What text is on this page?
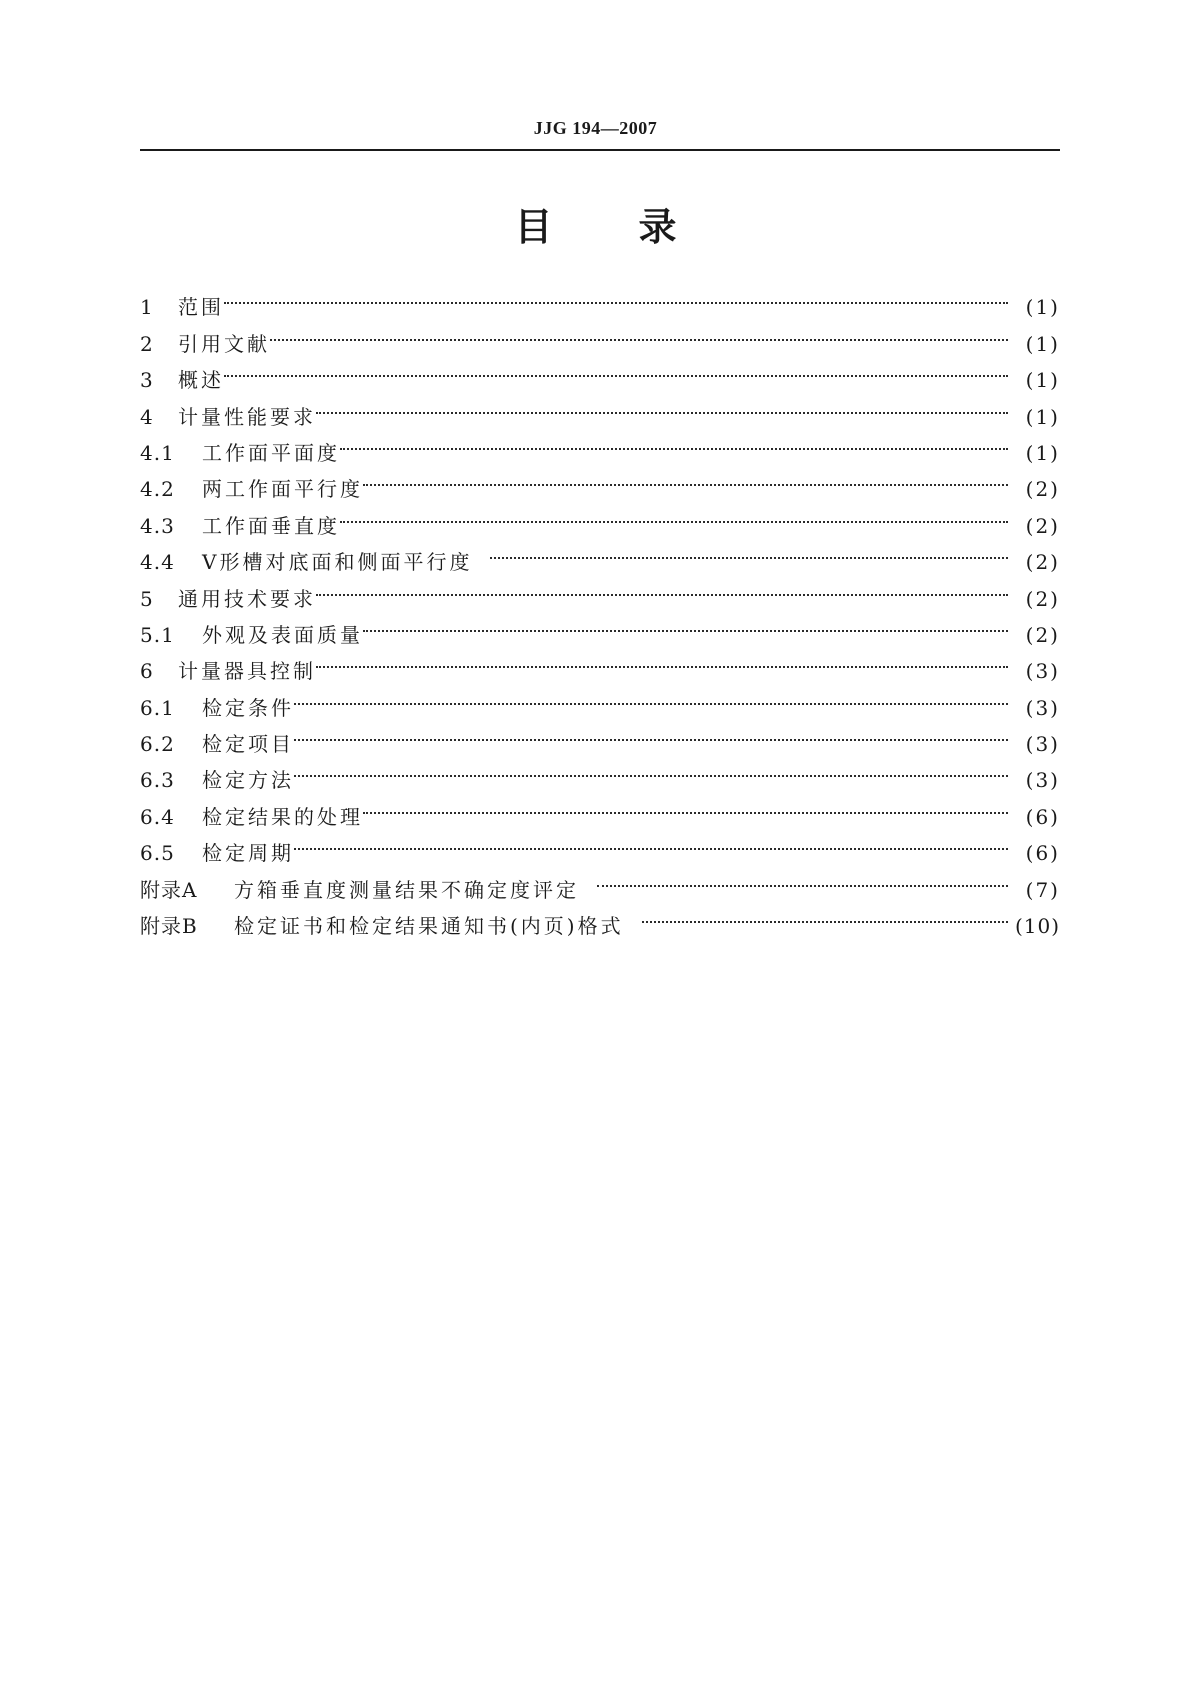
JJG 194—2007
目 录
1	范围	(1)
2	引用文献	(1)
3	概述	(1)
4	计量性能要求	(1)
4.1	工作面平面度	(1)
4.2	两工作面平行度	(2)
4.3	工作面垂直度	(2)
4.4	V形槽对底面和侧面平行度	(2)
5	通用技术要求	(2)
5.1	外观及表面质量	(2)
6	计量器具控制	(3)
6.1	检定条件	(3)
6.2	检定项目	(3)
6.3	检定方法	(3)
6.4	检定结果的处理	(6)
6.5	检定周期	(6)
附录A	方箱垂直度测量结果不确定度评定	(7)
附录B	检定证书和检定结果通知书(内页)格式	(10)
